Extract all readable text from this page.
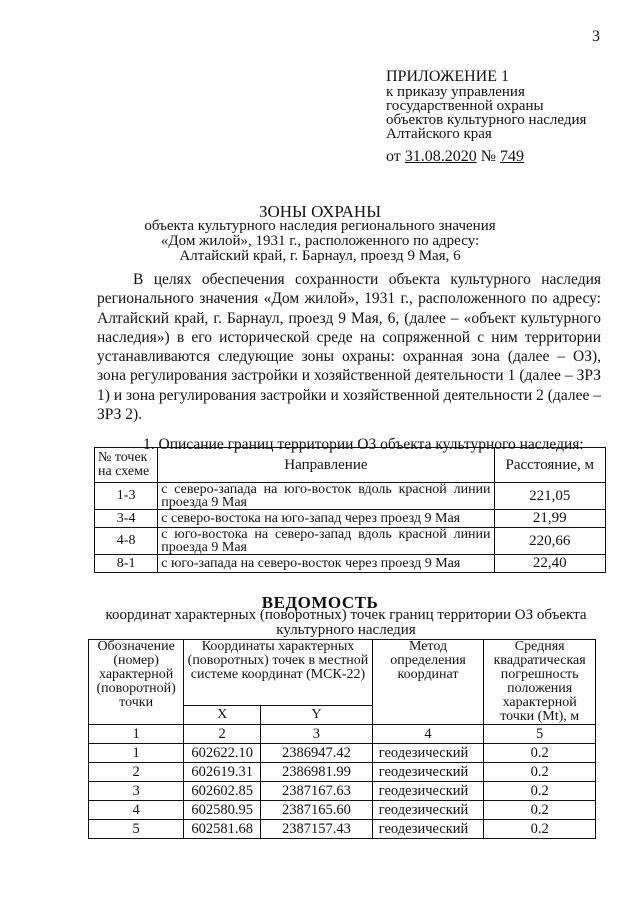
3
ПРИЛОЖЕНИЕ 1
к приказу управления
государственной охраны
объектов культурного наследия
Алтайского края
от 31.08.2020 № 749
ЗОНЫ ОХРАНЫ
объекта культурного наследия регионального значения
«Дом жилой», 1931 г., расположенного по адресу:
Алтайский край, г. Барнаул, проезд 9 Мая, 6
В целях обеспечения сохранности объекта культурного наследия регионального значения «Дом жилой», 1931 г., расположенного по адресу: Алтайский край, г. Барнаул, проезд 9 Мая, 6, (далее – «объект культурного наследия») в его исторической среде на сопряженной с ним территории устанавливаются следующие зоны охраны: охранная зона (далее – ОЗ), зона регулирования застройки и хозяйственной деятельности 1 (далее – ЗРЗ 1) и зона регулирования застройки и хозяйственной деятельности 2 (далее – ЗРЗ 2).
1. Описание границ территории ОЗ объекта культурного наследия:
№ точек на схеме	Направление	Расстояние, м
1-3	с северо-запада на юго-восток вдоль красной линии проезда 9 Мая	221,05
3-4	с северо-востока на юго-запад через проезд 9 Мая	21,99
4-8	с юго-востока на северо-запад вдоль красной линии проезда 9 Мая	220,66
8-1	с юго-запада на северо-восток через проезд 9 Мая	22,40
ВЕДОМОСТЬ
координат характерных (поворотных) точек границ территории ОЗ объекта
культурного наследия
Обозначение (номер) характерной (поворотной) точки	Координаты характерных (поворотных) точек в местной системе координат (МСК-22)		Метод определения координат	Средняя квадратическая погрешность положения характерной точки (Mt), м
	X	Y		
1	2	3	4	5
1	602622.10	2386947.42	геодезический	0.2
2	602619.31	2386981.99	геодезический	0.2
3	602602.85	2387167.63	геодезический	0.2
4	602580.95	2387165.60	геодезический	0.2
5	602581.68	2387157.43	геодезический	0.2
